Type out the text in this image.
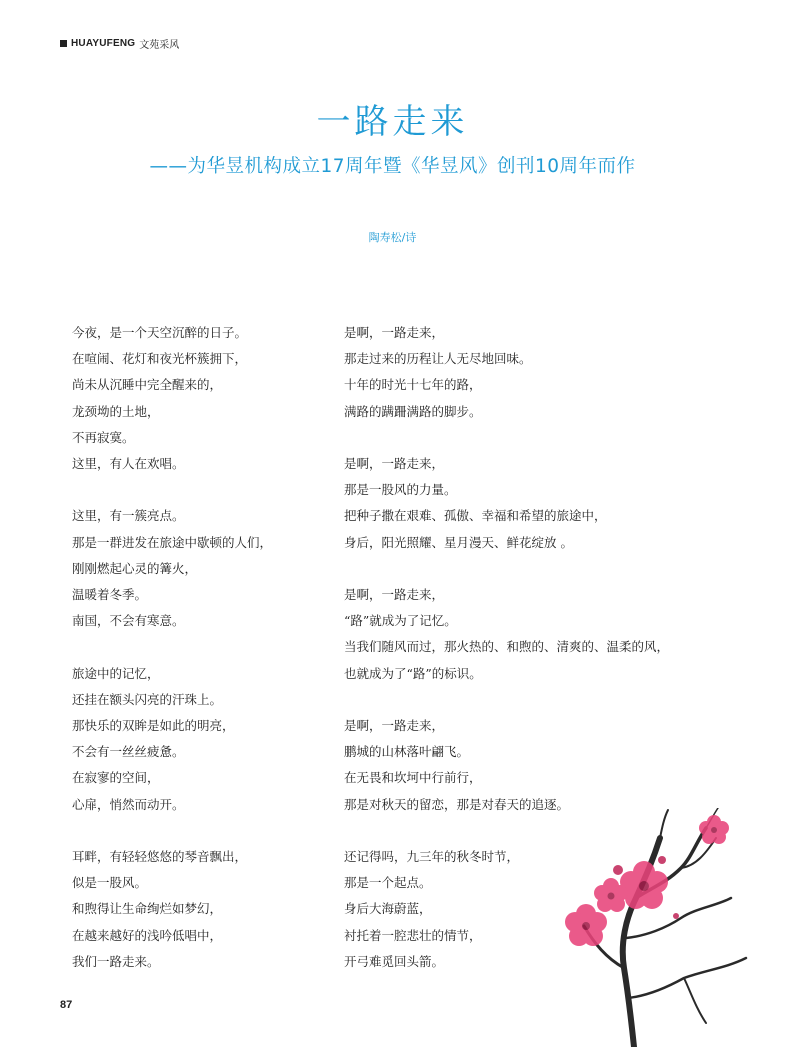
HUAYUFENG 文苑采风
一路走来
——为华昱机构成立17周年暨《华昱风》创刊10周年而作
陶寿松/诗
今夜，是一个天空沉醉的日子。
在喧闹、花灯和夜光杯簇拥下，
尚未从沉睡中完全醒来的，
龙颈坳的土地，
不再寂寞。
这里，有人在欢唱。
这里，有一簇亮点。
那是一群进发在旅途中歇顿的人们，
刚刚燃起心灵的篝火，
温暖着冬季。
南国，不会有寒意。
旅途中的记忆，
还挂在额头闪亮的汗珠上。
那快乐的双眸是如此的明亮，
不会有一丝丝疲惫。
在寂寥的空间，
心扉，悄然而动开。
耳畔，有轻轻悠悠的琴音飘出，
似是一股风。
和煦得让生命绚烂如梦幻，
在越来越好的浅吟低唱中，
我们一路走来。
是啊，一路走来，
那走过来的历程让人无尽地回味。
十年的时光十七年的路，
满路的蹒跚满路的脚步。
是啊，一路走来，
那是一股风的力量。
把种子撒在艰难、孤傲、幸福和希望的旅途中，
身后，阳光照耀、星月漫天、鲜花绽放 。
是啊，一路走来，
“路”就成为了记忆。
当我们随风而过，那火热的、和煦的、清爽的、温柔的风，
也就成为了“路”的标识。
是啊，一路走来，
鹏城的山林落叶翩飞。
在无畏和坎坷中行前行，
那是对秋天的留恋，那是对春天的追逐。
还记得吗，九三年的秋冬时节，
那是一个起点。
身后大海蔚蓝，
衬托着一腔悲壮的情节，
开弓难觅回头箭。
87
